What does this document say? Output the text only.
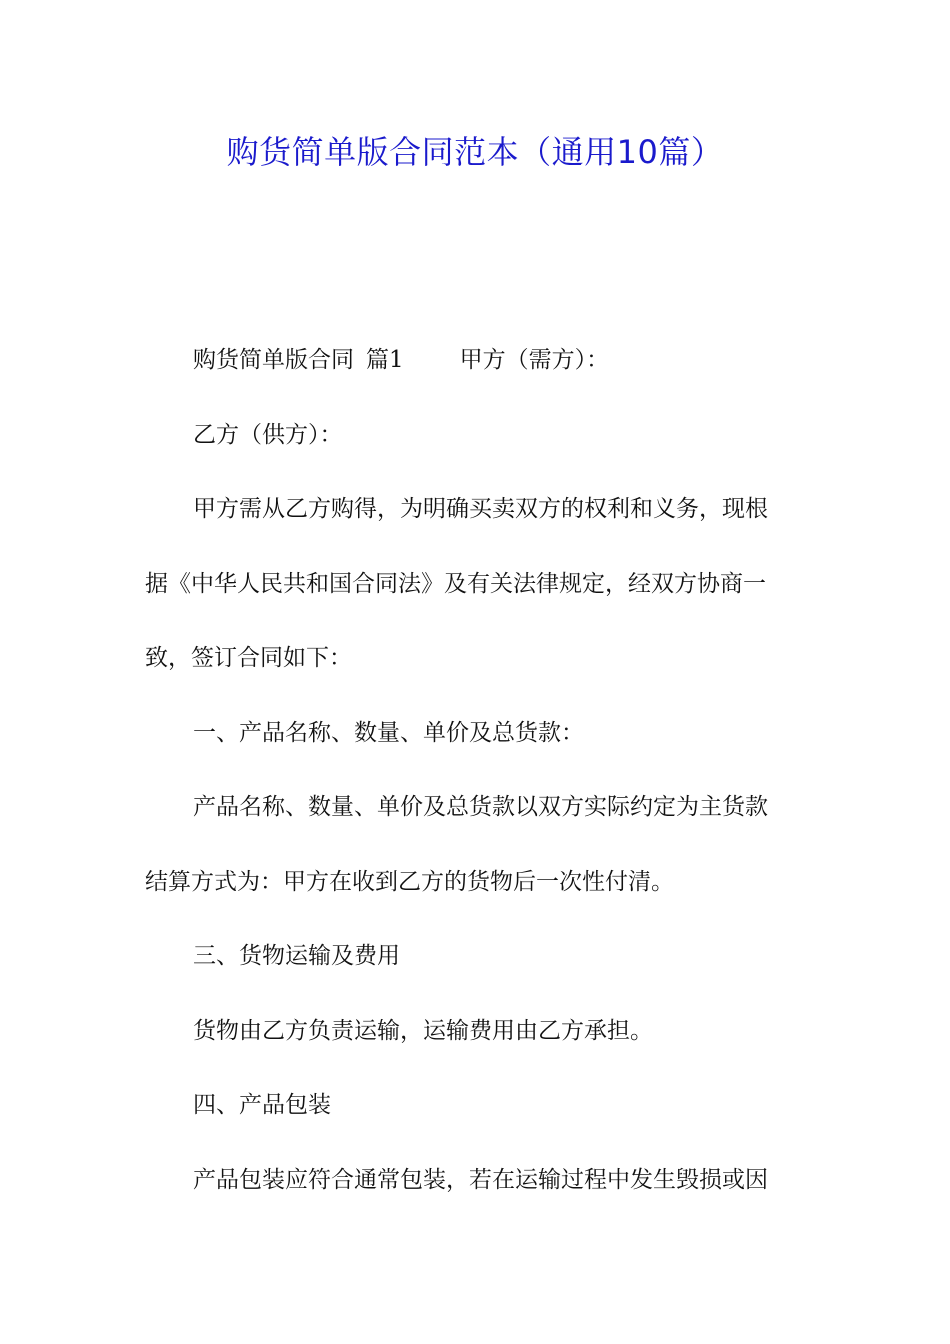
购货简单版合同范本（通用10篇）

购货简单版合同 篇1 甲方（需方）：

乙方（供方）：

甲方需从乙方购得，为明确买卖双方的权利和义务，现根

据《中华人民共和国合同法》及有关法律规定，经双方协商一

致，签订合同如下：

一、产品名称、数量、单价及总货款：

产品名称、数量、单价及总货款以双方实际约定为主货款

结算方式为：甲方在收到乙方的货物后一次性付清。

三、货物运输及费用

货物由乙方负责运输，运输费用由乙方承担。

四、产品包装

产品包装应符合通常包装，若在运输过程中发生毁损或因
